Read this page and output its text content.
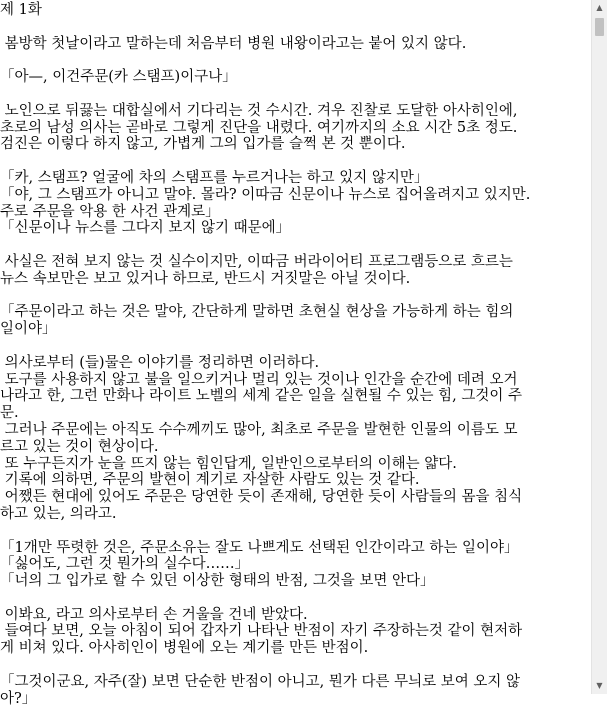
제 1화

봄방학 첫날이라고 말하는데 처음부터 병원 내왕이라고는 붙어 있지 않다.

「아—, 이건주문(카 스탬프)이구나」

노인으로 뒤끓는 대합실에서 기다리는 것 수시간. 겨우 진찰로 도달한 아사히인에,
초로의 남성 의사는 곧바로 그렇게 진단을 내렸다. 여기까지의 소요 시간 5초 정도.
검진은 이렇다 하지 않고, 가볍게 그의 입가를 슬쩍 본 것 뿐이다.

「카, 스탬프? 얼굴에 차의 스탬프를 누르거나는 하고 있지 않지만」
「야, 그 스탬프가 아니고 말야. 몰라? 이따금 신문이나 뉴스로 집어올려지고 있지만.
주로 주문을 악용 한 사건 관계로」
「신문이나 뉴스를 그다지 보지 않기 때문에」

사실은 전혀 보지 않는 것 실수이지만, 이따금 버라이어티 프로그램등으로 흐르는
뉴스 속보만은 보고 있거나 하므로, 반드시 거짓말은 아닐 것이다.

「주문이라고 하는 것은 말야, 간단하게 말하면 초현실 현상을 가능하게 하는 힘의
일이야」

의사로부터 (들)물은 이야기를 정리하면 이러하다.
도구를 사용하지 않고 불을 일으키거나 멀리 있는 것이나 인간을 순간에 데려 오거
나라고 한, 그런 만화나 라이트 노벨의 세계 같은 일을 실현될 수 있는 힘, 그것이 주
문.
그러나 주문에는 아직도 수수께끼도 많아, 최초로 주문을 발현한 인물의 이름도 모
르고 있는 것이 현상이다.
또 누구든지가 눈을 뜨지 않는 힘인답게, 일반인으로부터의 이해는 얇다.
기록에 의하면, 주문의 발현이 계기로 자살한 사람도 있는 것 같다.
어쨌든 현대에 있어도 주문은 당연한 듯이 존재해, 당연한 듯이 사람들의 몸을 침식
하고 있는, 의라고.

「1개만 뚜렷한 것은, 주문소유는 잘도 나쁘게도 선택된 인간이라고 하는 일이야」
「싫어도, 그런 것 뭔가의 실수다……」
「너의 그 입가로 할 수 있던 이상한 형태의 반점, 그것을 보면 안다」

이봐요, 라고 의사로부터 손 거울을 건네 받았다.
들여다 보면, 오늘 아침이 되어 갑자기 나타난 반점이 자기 주장하는것 같이 현저하
게 비쳐 있다. 아사히인이 병원에 오는 계기를 만든 반점이.

「그것이군요, 자주(잘) 보면 단순한 반점이 아니고, 뭔가 다른 무늬로 보여 오지 않
아?」
▲
▼
